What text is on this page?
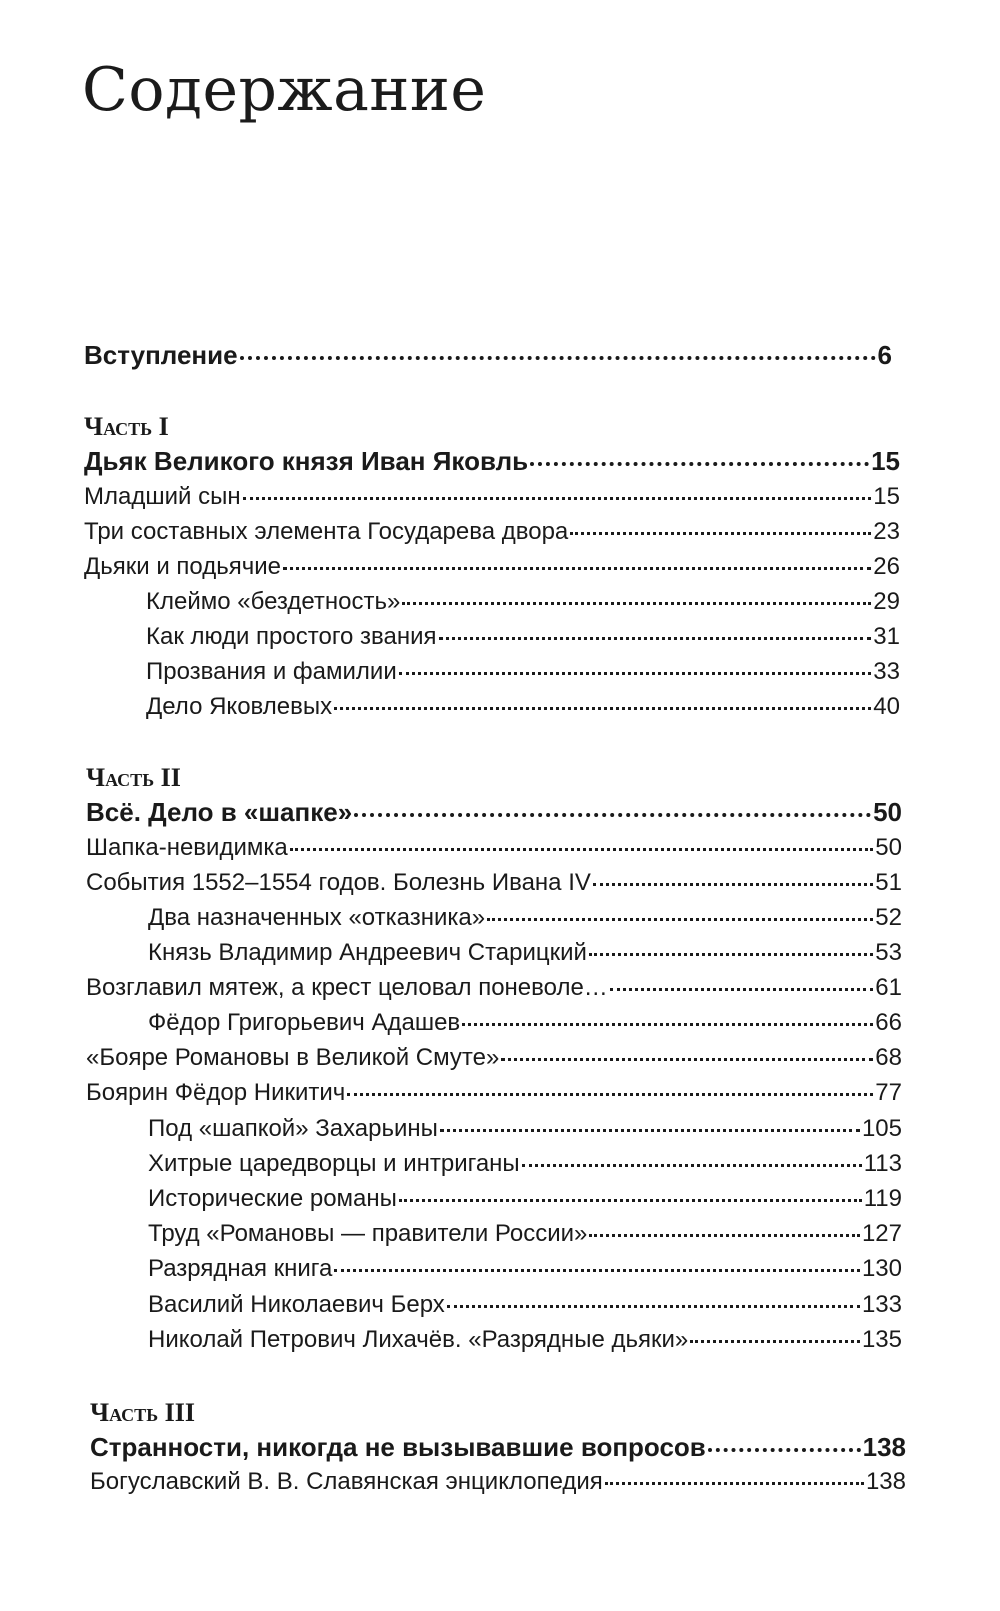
Содержание
Вступление	6
Часть I
Дьяк Великого князя Иван Яковль	15
Младший сын	15
Три составных элемента Государева двора	23
Дьяки и подьячие	26
Клеймо «бездетность»	29
Как люди простого звания	31
Прозвания и фамилии	33
Дело Яковлевых	40
Часть II
Всё. Дело в «шапке»	50
Шапка-невидимка	50
События 1552–1554 годов. Болезнь Ивана IV	51
Два назначенных «отказника»	52
Князь Владимир Андреевич Старицкий	53
Возглавил мятеж, а крест целовал поневоле…	61
Фёдор Григорьевич Адашев	66
«Бояре Романовы в Великой Смуте»	68
Боярин Фёдор Никитич	77
Под «шапкой» Захарьины	105
Хитрые царедворцы и интриганы	113
Исторические романы	119
Труд «Романовы — правители России»	127
Разрядная книга	130
Василий Николаевич Берх	133
Николай Петрович Лихачёв. «Разрядные дьяки»	135
Часть III
Странности, никогда не вызывавшие вопросов	138
Богуславский В. В. Славянская энциклопедия	138
